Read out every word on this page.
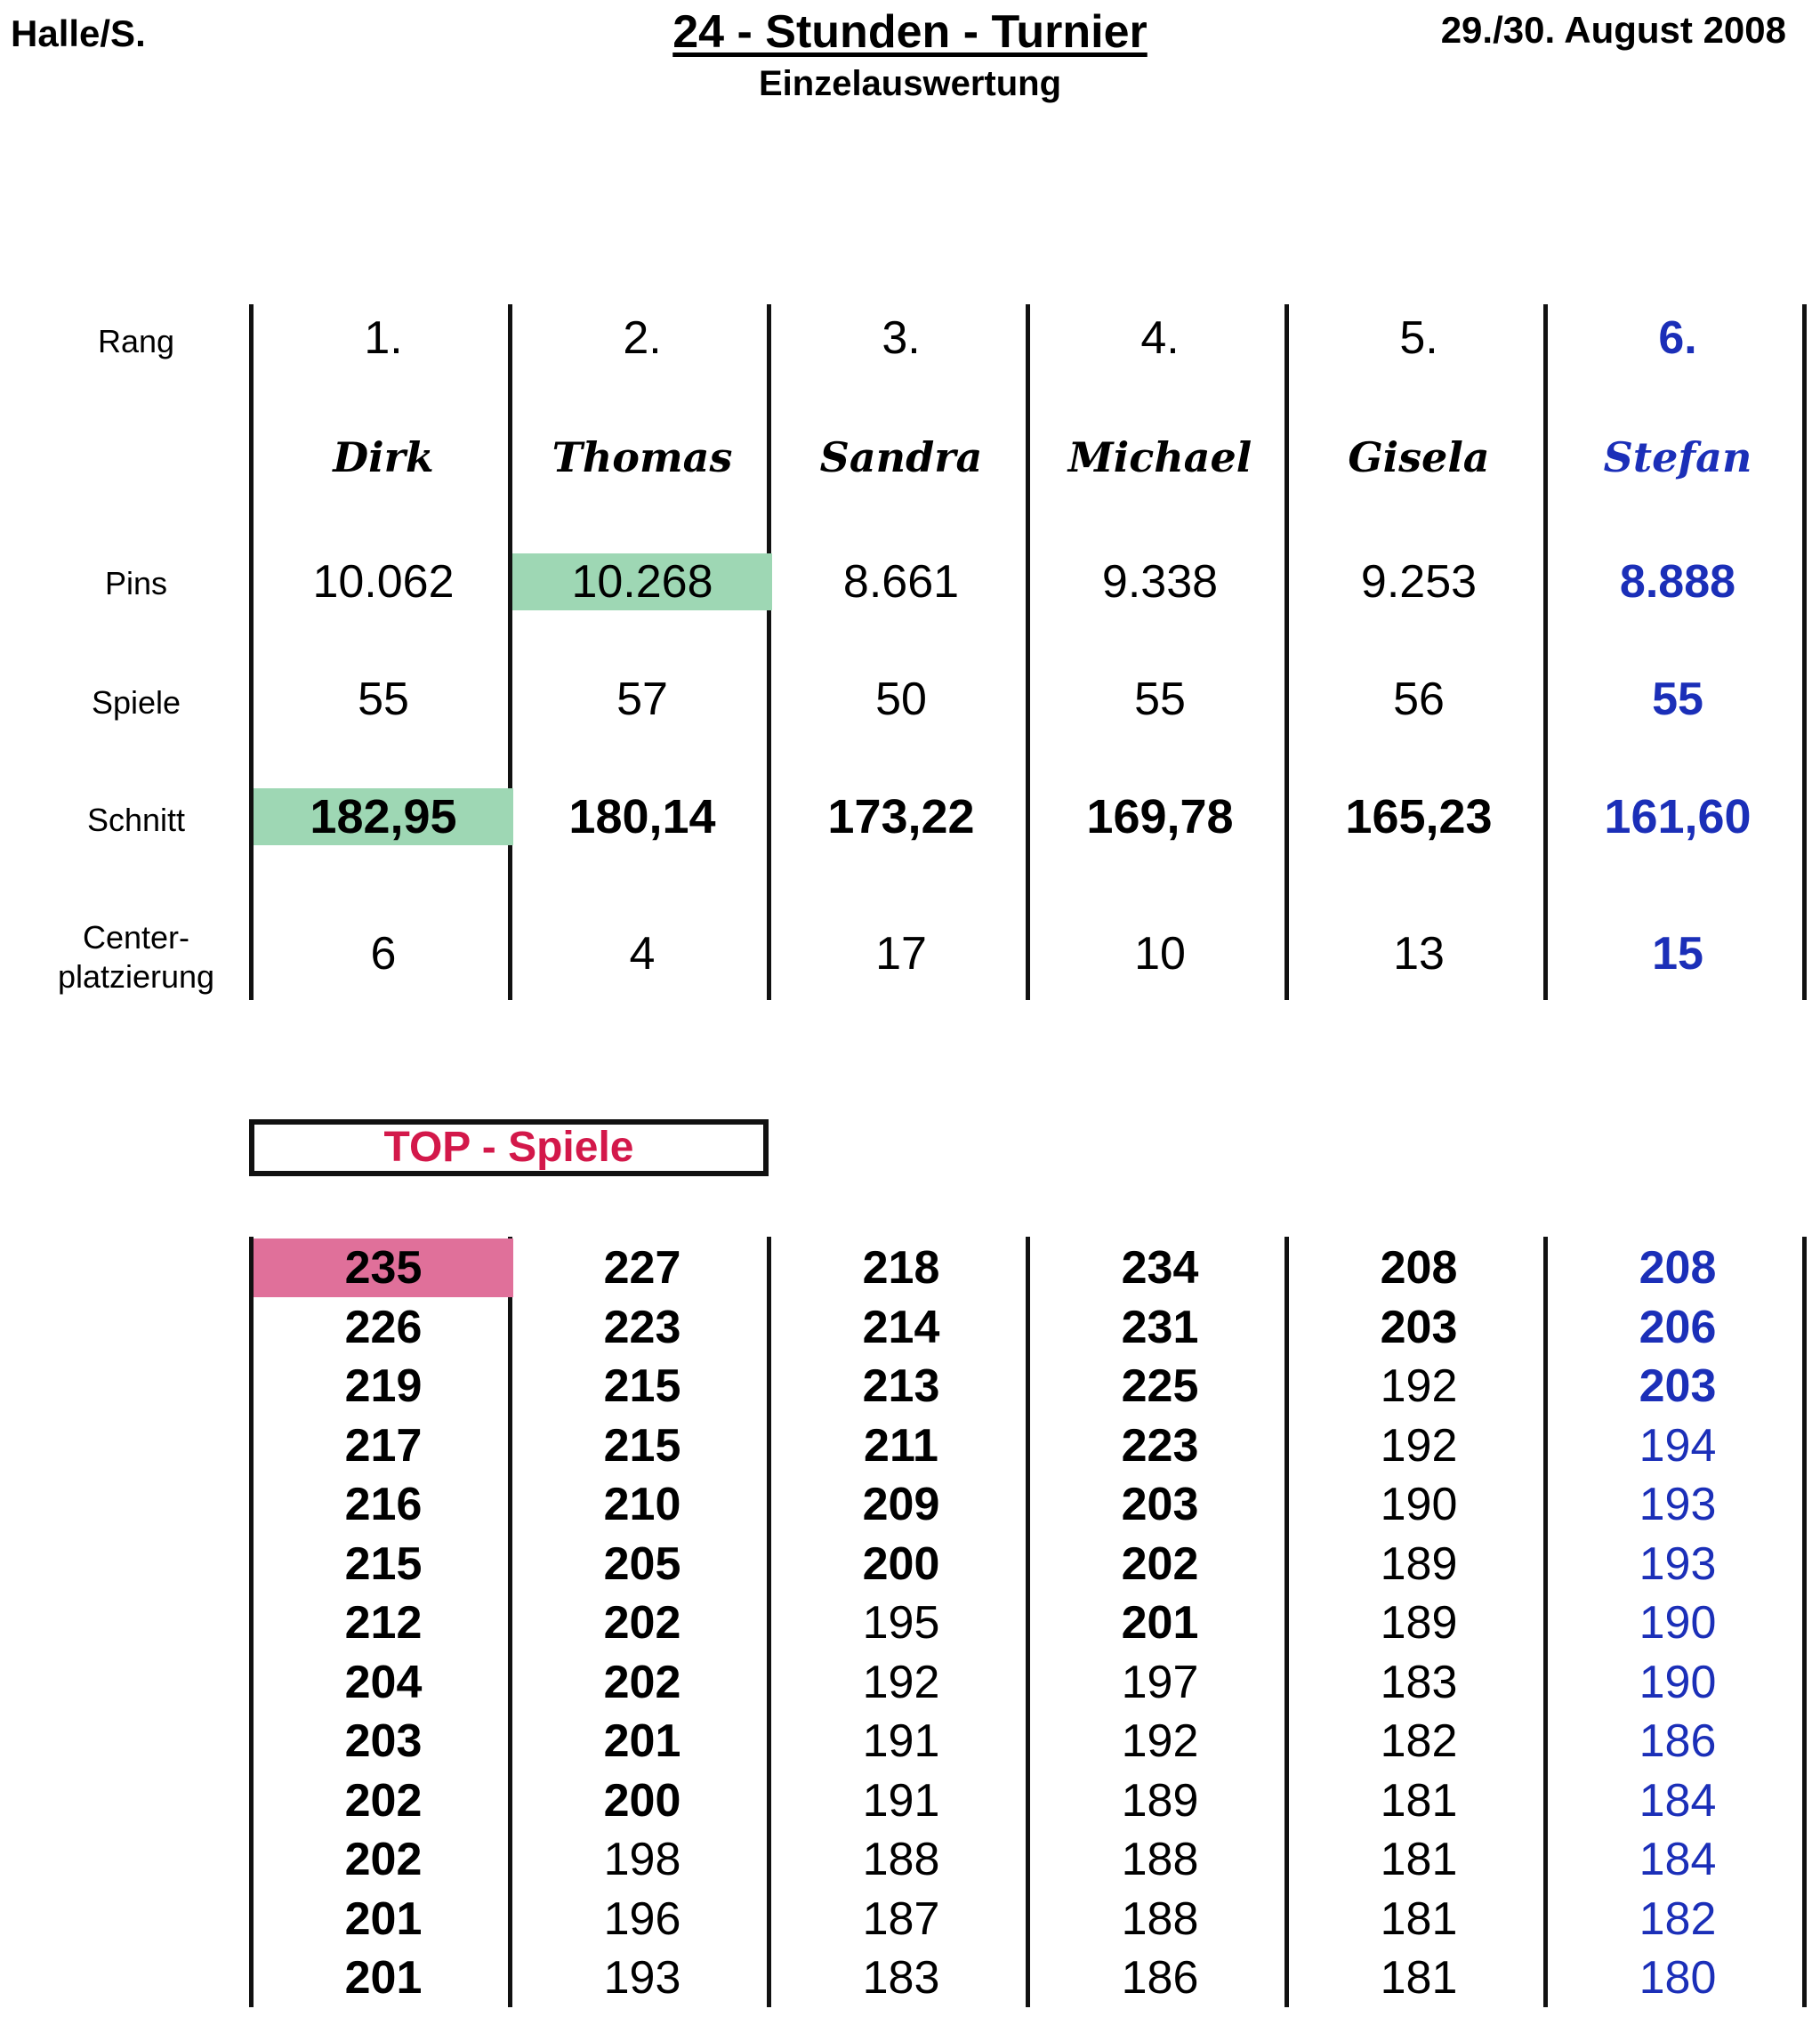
Halle/S.	24 - Stunden - Turnier
Einzelauswertung
29./30. August 2008
Rang
Pins
Spiele
Schnitt
Center-
platzierung
1.
Dirk
10.062
55
182,95
6
2.
Thomas
10.268
57
180,14
4
3.
Sandra
8.661
50
173,22
17
4.
Michael
9.338
55
169,78
10
5.
Gisela
9.253
56
165,23
13
6.
Stefan
8.888
55
161,60
15
TOP - Spiele
235
226
219
217
216
215
212
204
203
202
202
201
201
227
223
215
215
210
205
202
202
201
200
198
196
193
218
214
213
211
209
200
195
192
191
191
188
187
183
234
231
225
223
203
202
201
197
192
189
188
188
186
208
203
192
192
190
189
189
183
182
181
181
181
181
208
206
203
194
193
193
190
190
186
184
184
182
180
